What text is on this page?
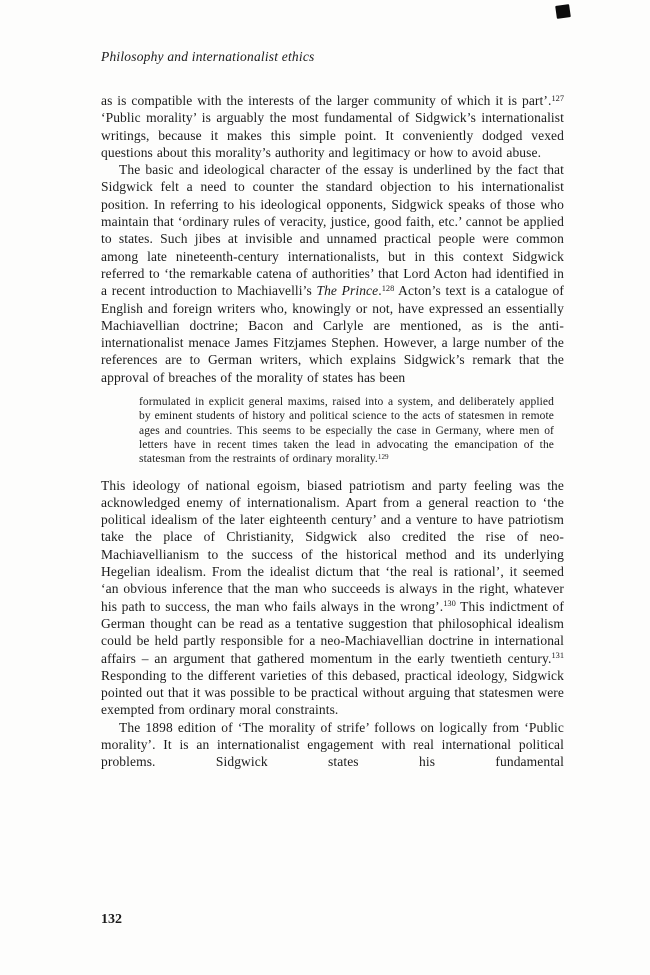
Philosophy and internationalist ethics

as is compatible with the interests of the larger community of which it is part’.$^{127}$ ‘Public morality’ is arguably the most fundamental of Sidgwick’s internationalist writings, because it makes this simple point. It conveniently dodged vexed questions about this morality’s authority and legitimacy or how to avoid abuse.

The basic and ideological character of the essay is underlined by the fact that Sidgwick felt a need to counter the standard objection to his internationalist position. In referring to his ideological opponents, Sidgwick speaks of those who maintain that ‘ordinary rules of veracity, justice, good faith, etc.’ cannot be applied to states. Such jibes at invisible and unnamed practical people were common among late nineteenth-century internationalists, but in this context Sidgwick referred to ‘the remarkable catena of authorities’ that Lord Acton had identified in a recent introduction to Machiavelli’s The Prince.$^{128}$ Acton’s text is a catalogue of English and foreign writers who, knowingly or not, have expressed an essentially Machiavellian doctrine; Bacon and Carlyle are mentioned, as is the anti-internationalist menace James Fitzjames Stephen. However, a large number of the references are to German writers, which explains Sidgwick’s remark that the approval of breaches of the morality of states has been

formulated in explicit general maxims, raised into a system, and deliberately applied by eminent students of history and political science to the acts of statesmen in remote ages and countries. This seems to be especially the case in Germany, where men of letters have in recent times taken the lead in advocating the emancipation of the statesman from the restraints of ordinary morality.$^{129}$

This ideology of national egoism, biased patriotism and party feeling was the acknowledged enemy of internationalism. Apart from a general reaction to ‘the political idealism of the later eighteenth century’ and a venture to have patriotism take the place of Christianity, Sidgwick also credited the rise of neo-Machiavellianism to the success of the historical method and its underlying Hegelian idealism. From the idealist dictum that ‘the real is rational’, it seemed ‘an obvious inference that the man who succeeds is always in the right, whatever his path to success, the man who fails always in the wrong’.$^{130}$ This indictment of German thought can be read as a tentative suggestion that philosophical idealism could be held partly responsible for a neo-Machiavellian doctrine in international affairs – an argument that gathered momentum in the early twentieth century.$^{131}$ Responding to the different varieties of this debased, practical ideology, Sidgwick pointed out that it was possible to be practical without arguing that statesmen were exempted from ordinary moral constraints.

The 1898 edition of ‘The morality of strife’ follows on logically from ‘Public morality’. It is an internationalist engagement with real international political problems. Sidgwick states his fundamental

132
